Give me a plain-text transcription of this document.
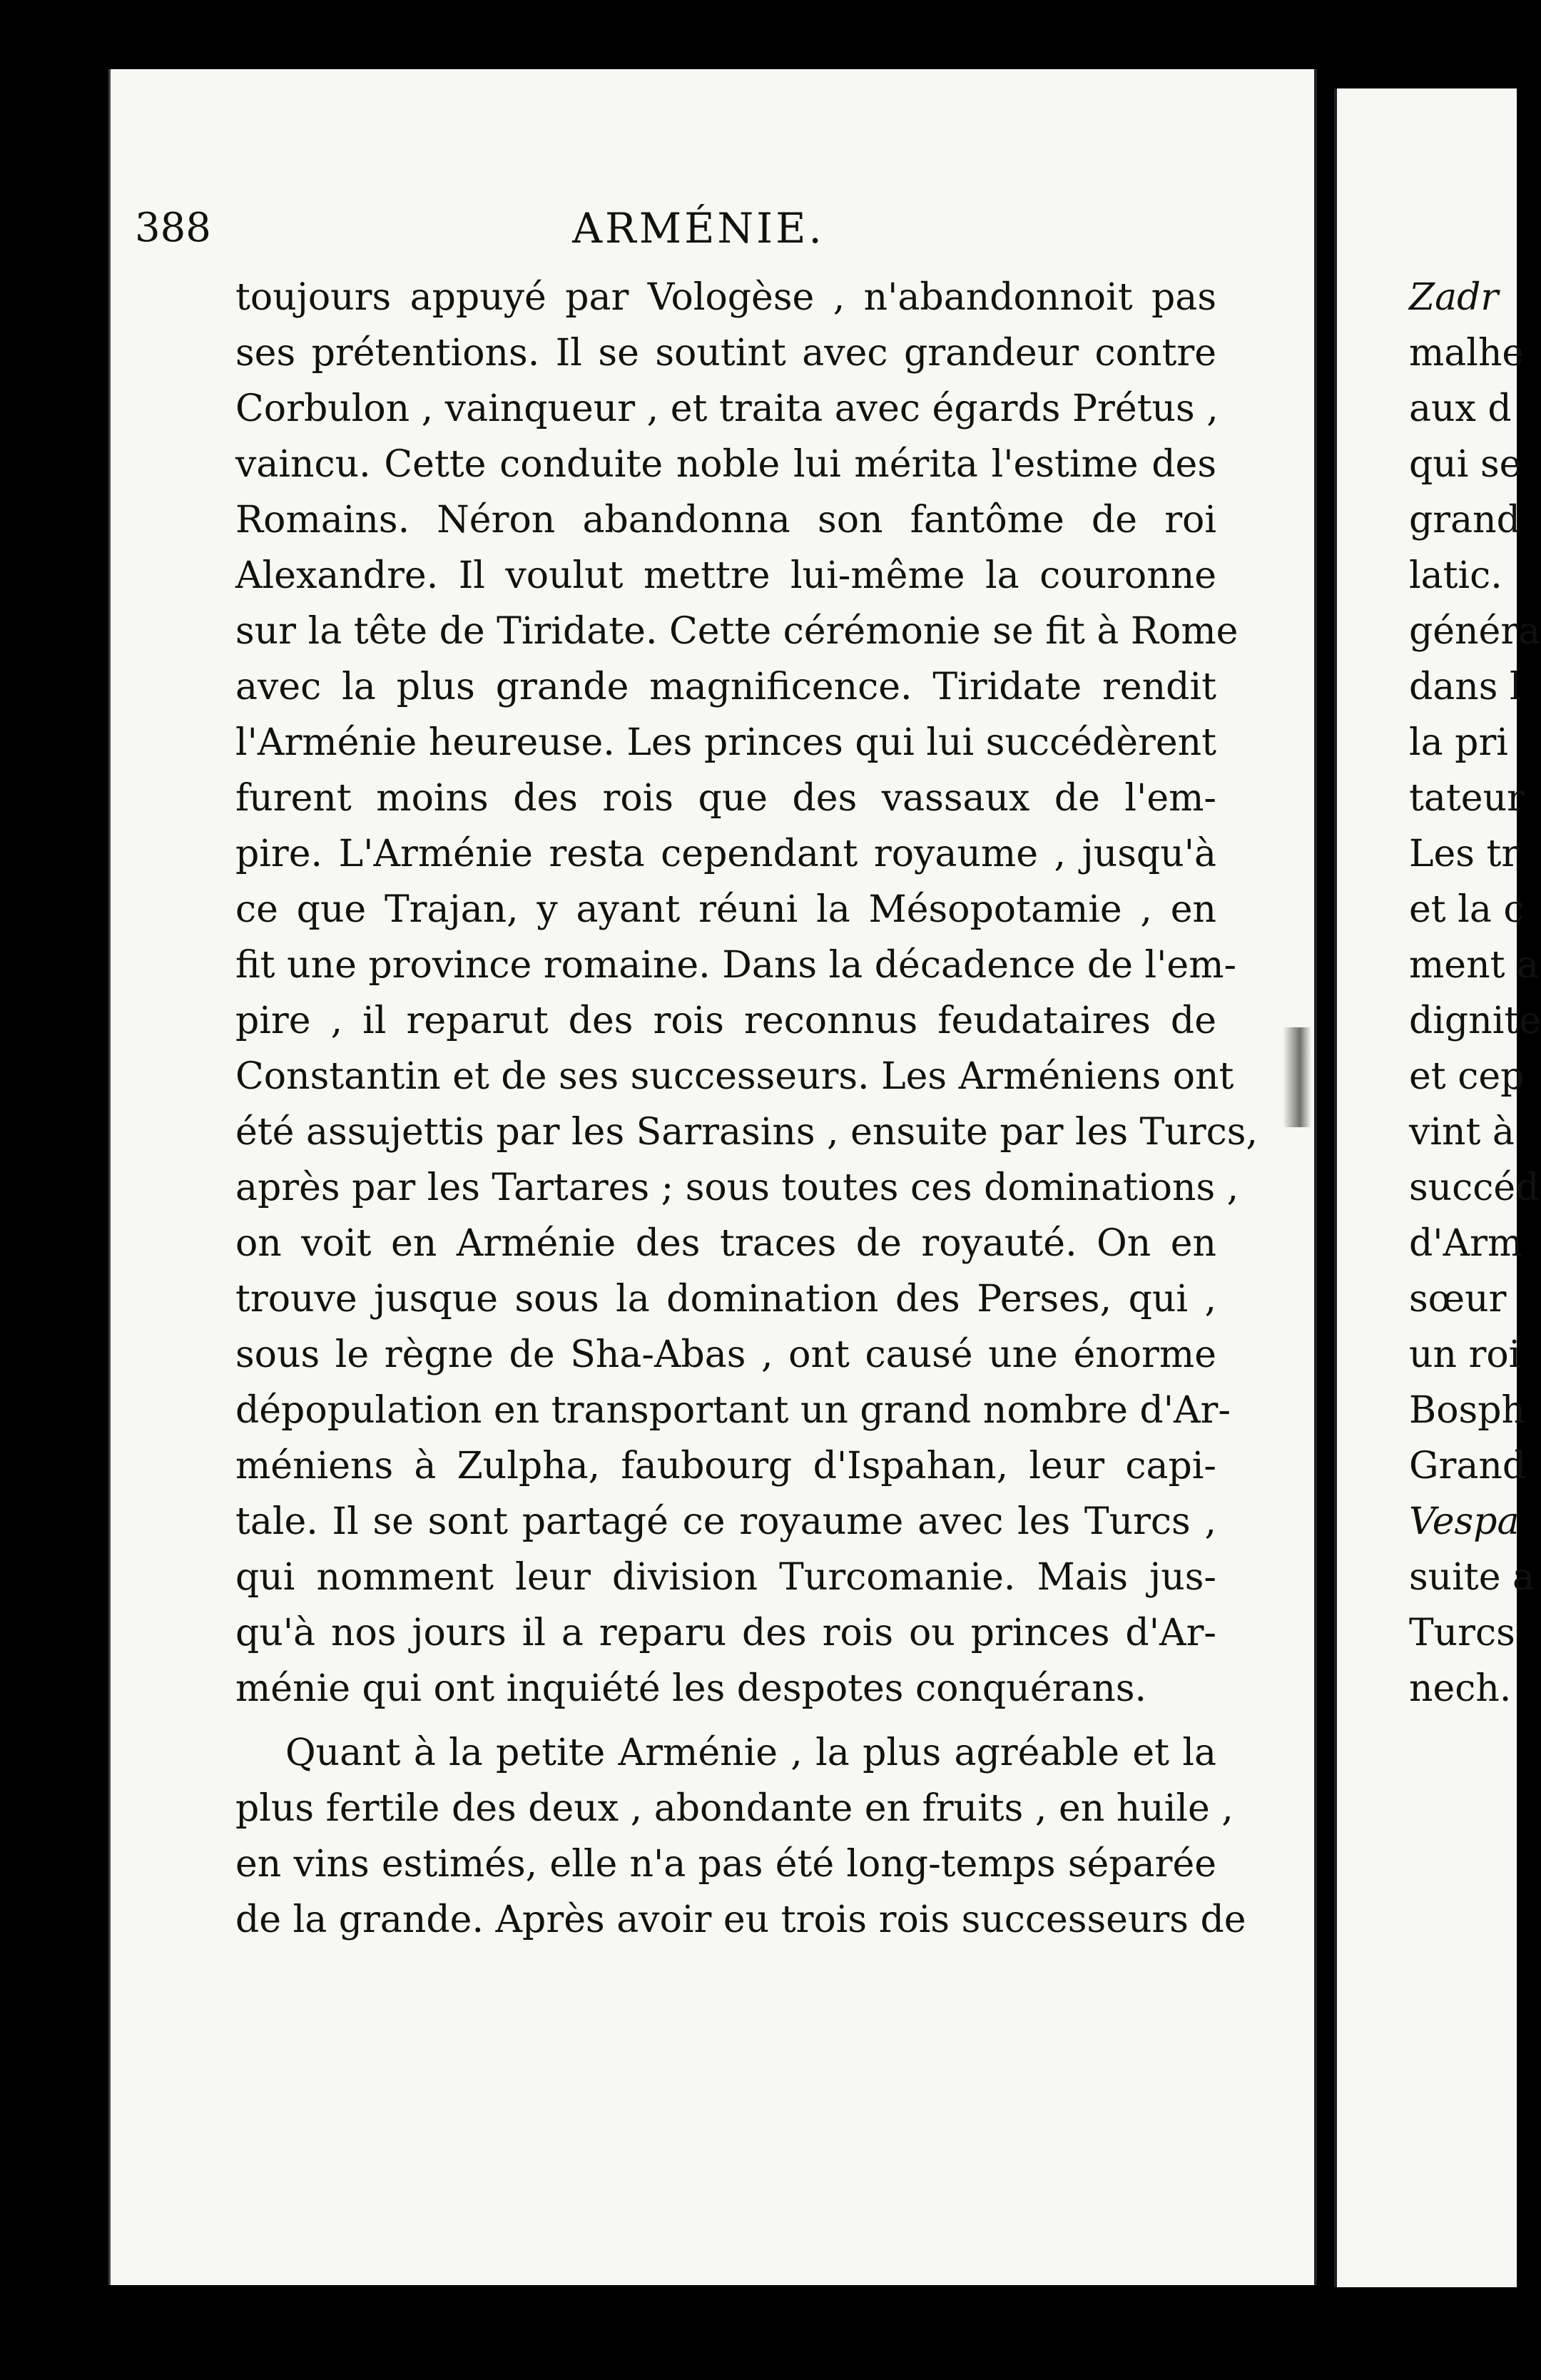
388	ARMÉNIE.
toujours appuyé par Vologèse , n'abandonnoit pas
ses prétentions. Il se soutint avec grandeur contre
Corbulon , vainqueur , et traita avec égards Prétus ,
vaincu. Cette conduite noble lui mérita l'estime des
Romains. Néron abandonna son fantôme de roi
Alexandre. Il voulut mettre lui-même la couronne
sur la tête de Tiridate. Cette cérémonie se fit à Rome
avec la plus grande magnificence. Tiridate rendit
l'Arménie heureuse. Les princes qui lui succédèrent
furent moins des rois que des vassaux de l'em-
pire. L'Arménie resta cependant royaume , jusqu'à
ce que Trajan, y ayant réuni la Mésopotamie , en
fit une province romaine. Dans la décadence de l'em-
pire , il reparut des rois reconnus feudataires de
Constantin et de ses successeurs. Les Arméniens ont
été assujettis par les Sarrasins , ensuite par les Turcs,
après par les Tartares ; sous toutes ces dominations ,
on voit en Arménie des traces de royauté. On en
trouve jusque sous la domination des Perses, qui ,
sous le règne de Sha-Abas , ont causé une énorme
dépopulation en transportant un grand nombre d'Ar-
méniens à Zulpha, faubourg d'Ispahan, leur capi-
tale. Il se sont partagé ce royaume avec les Turcs ,
qui nomment leur division Turcomanie. Mais jus-
qu'à nos jours il a reparu des rois ou princes d'Ar-
ménie qui ont inquiété les despotes conquérans.
Quant à la petite Arménie , la plus agréable et la
plus fertile des deux , abondante en fruits , en huile ,
en vins estimés, elle n'a pas été long-temps séparée
de la grande. Après avoir eu trois rois successeurs de
Zadr
malhe
aux d
qui se
grand
latic.
généra
dans l
la pri
tateur
Les tr
et la c
ment a
dignite
et cep
vint à
succéd
d'Arm
sœur
un roi
Bosph
Grand
Vespa
suite a
Turcs
nech.
